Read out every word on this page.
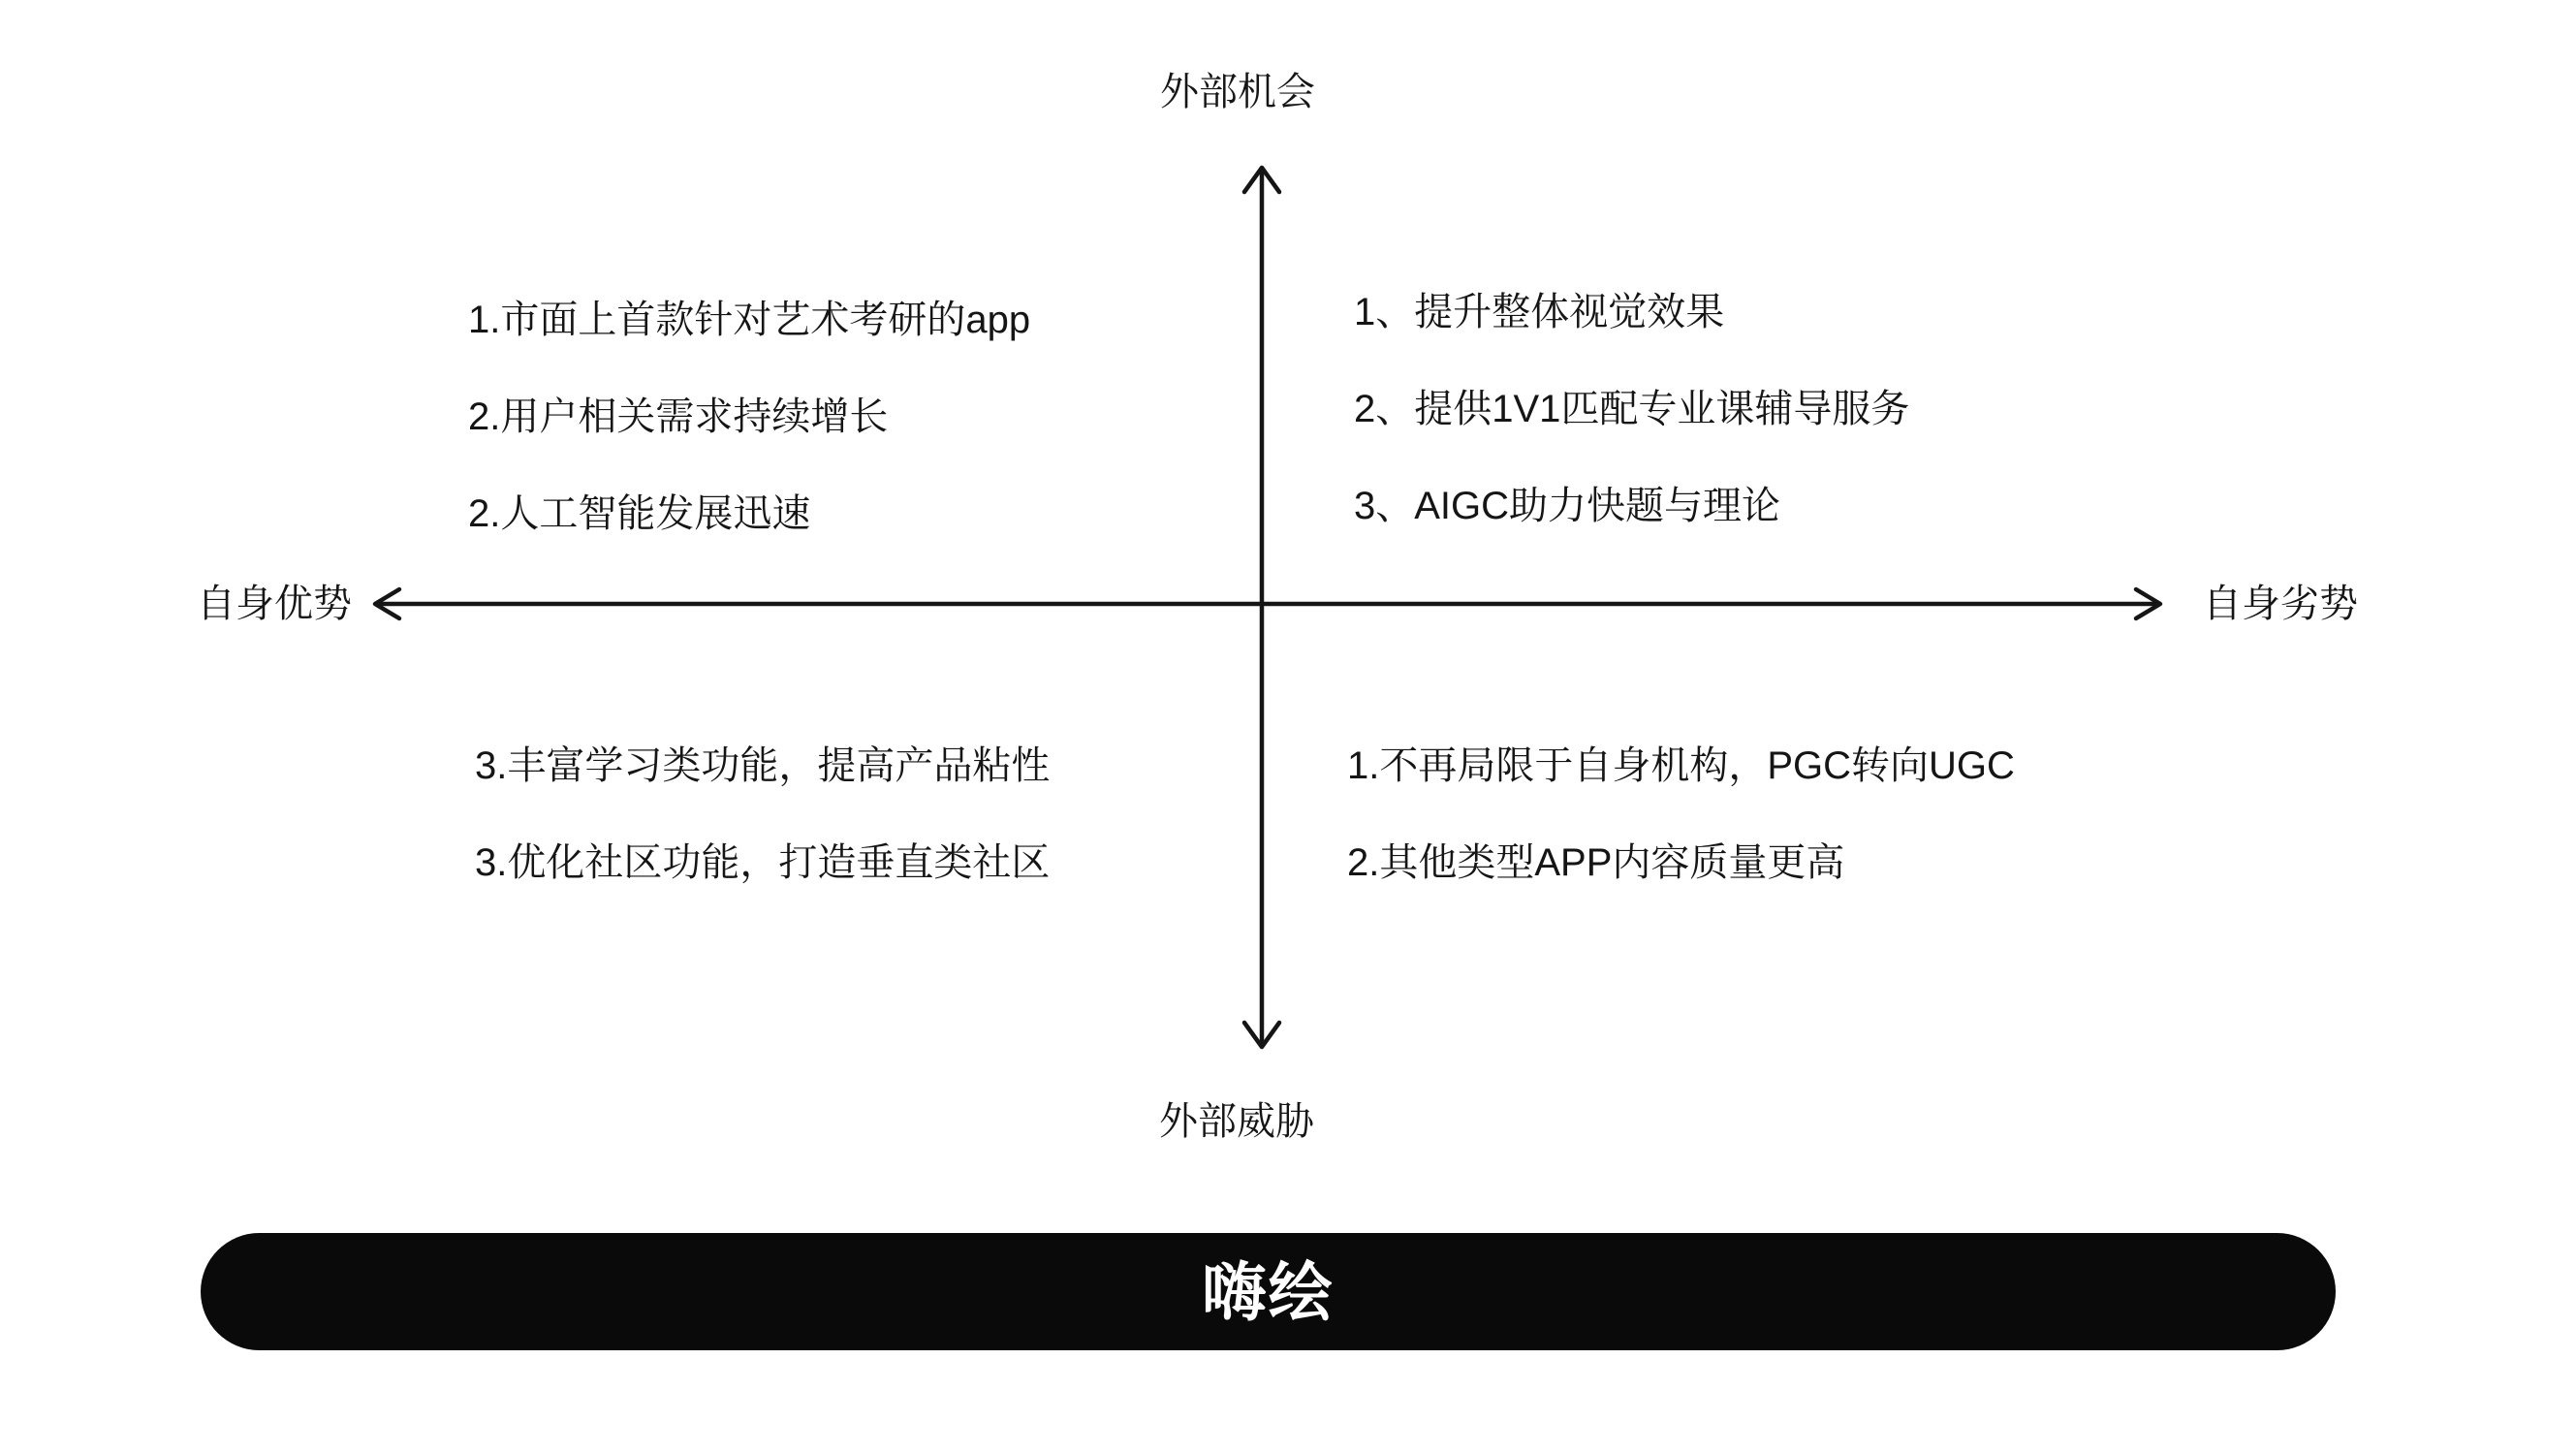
外部机会
外部威胁
自身优势	自身劣势
1.市面上首款针对艺术考研的app
2.用户相关需求持续增长
2.人工智能发展迅速
1、提升整体视觉效果
2、提供1V1匹配专业课辅导服务
3、AIGC助力快题与理论
3.丰富学习类功能，提高产品粘性
3.优化社区功能，打造垂直类社区
1.不再局限于自身机构，PGC转向UGC
2.其他类型APP内容质量更高
嗨绘
